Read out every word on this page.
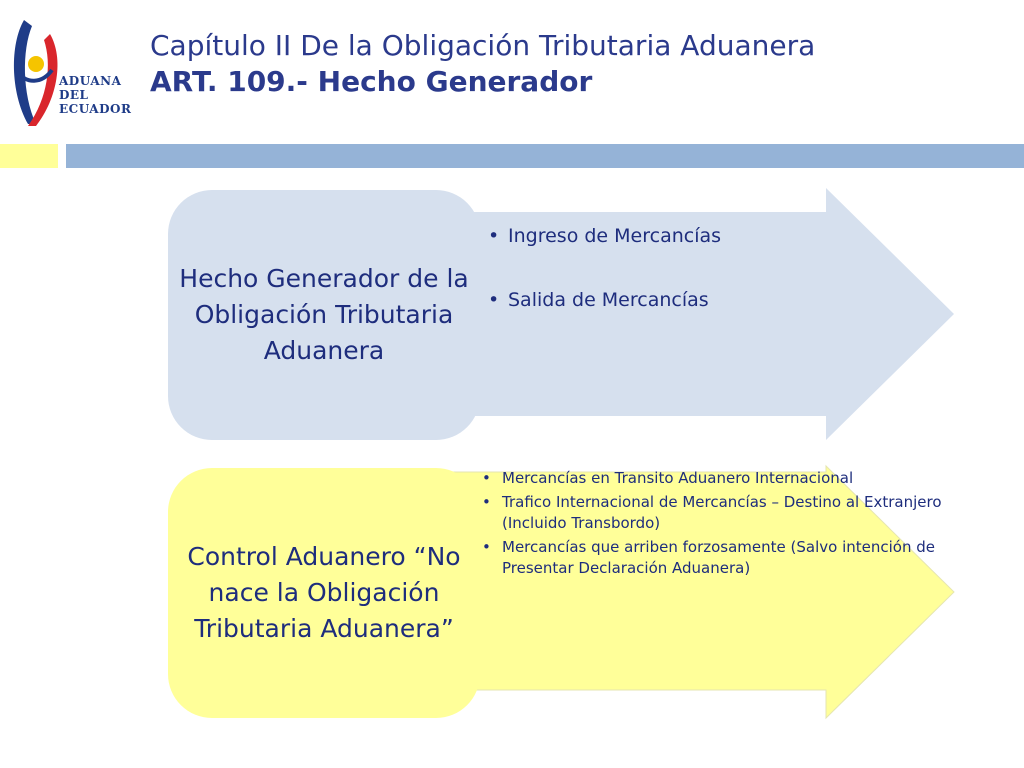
ADUANA
DEL
ECUADOR
Capítulo II De la Obligación Tributaria Aduanera
ART. 109.- Hecho Generador
Hecho Generador de la Obligación Tributaria Aduanera
• Ingreso de Mercancías
• Salida de Mercancías
Control Aduanero “No nace la Obligación Tributaria Aduanera”
• Mercancías en Transito Aduanero Internacional
• Trafico Internacional de Mercancías – Destino al Extranjero (Incluido Transbordo)
• Mercancías que arriben forzosamente (Salvo intención de Presentar Declaración Aduanera)
